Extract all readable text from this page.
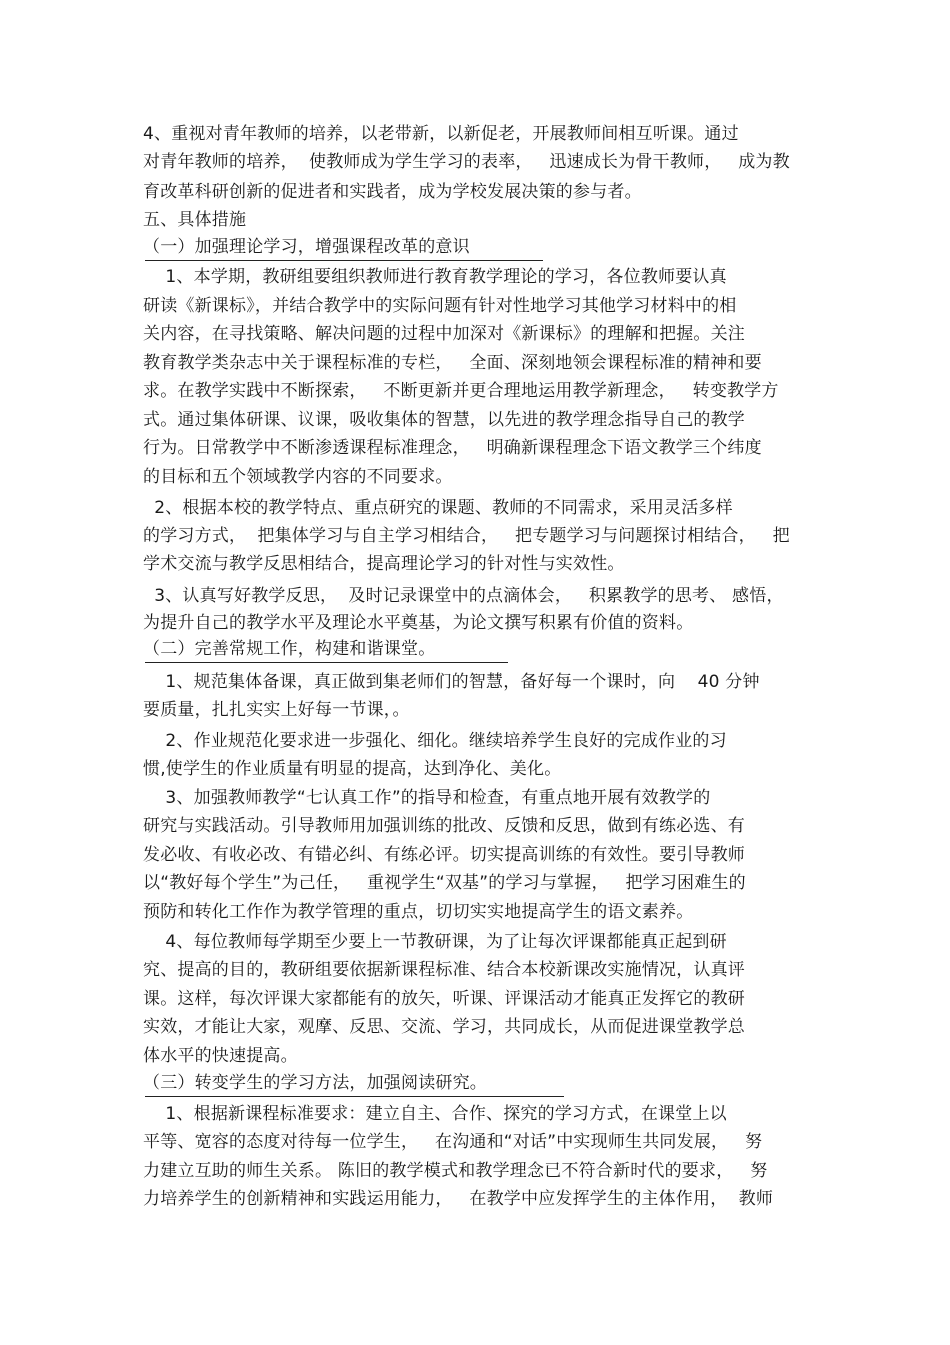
4、重视对青年教师的培养，以老带新，以新促老，开展教师间相互听课。通过
对青年教师的培养，  使教师成为学生学习的表率，   迅速成长为骨干教师，   成为教
育改革科研创新的促进者和实践者，成为学校发展决策的参与者。
五、具体措施
（一）加强理论学习，增强课程改革的意识
1、本学期，教研组要组织教师进行教育教学理论的学习，各位教师要认真
研读《新课标》，并结合教学中的实际问题有针对性地学习其他学习材料中的相
关内容，在寻找策略、解决问题的过程中加深对《新课标》的理解和把握。关注
教育教学类杂志中关于课程标准的专栏，   全面、深刻地领会课程标准的精神和要
求。在教学实践中不断探索，   不断更新并更合理地运用教学新理念，   转变教学方
式。通过集体研课、议课，吸收集体的智慧，以先进的教学理念指导自己的教学
行为。日常教学中不断渗透课程标准理念，   明确新课程理念下语文教学三个纬度
的目标和五个领域教学内容的不同要求。
2、根据本校的教学特点、重点研究的课题、教师的不同需求，采用灵活多样
的学习方式，  把集体学习与自主学习相结合，   把专题学习与问题探讨相结合，   把
学术交流与教学反思相结合，提高理论学习的针对性与实效性。
3、认真写好教学反思，  及时记录课堂中的点滴体会，   积累教学的思考、 感悟，
为提升自己的教学水平及理论水平奠基，为论文撰写积累有价值的资料。
（二）完善常规工作，构建和谐课堂。
1、规范集体备课，真正做到集老师们的智慧，备好每一个课时，向    40 分钟
要质量，扎扎实实上好每一节课，。
2、作业规范化要求进一步强化、细化。继续培养学生良好的完成作业的习
惯,使学生的作业质量有明显的提高，达到净化、美化。
3、加强教师教学“七认真工作”的指导和检查，有重点地开展有效教学的
研究与实践活动。引导教师用加强训练的批改、反馈和反思，做到有练必选、有
发必收、有收必改、有错必纠、有练必评。切实提高训练的有效性。要引导教师
以“教好每个学生”为己任，   重视学生“双基”的学习与掌握，   把学习困难生的
预防和转化工作作为教学管理的重点，切切实实地提高学生的语文素养。
4、每位教师每学期至少要上一节教研课，为了让每次评课都能真正起到研
究、提高的目的，教研组要依据新课程标准、结合本校新课改实施情况，认真评
课。这样，每次评课大家都能有的放矢，听课、评课活动才能真正发挥它的教研
实效，才能让大家，观摩、反思、交流、学习，共同成长，从而促进课堂教学总
体水平的快速提高。
（三）转变学生的学习方法，加强阅读研究。
1、根据新课程标准要求：建立自主、合作、探究的学习方式，在课堂上以
平等、宽容的态度对待每一位学生，   在沟通和“对话”中实现师生共同发展，   努
力建立互助的师生关系。 陈旧的教学模式和教学理念已不符合新时代的要求，   努
力培养学生的创新精神和实践运用能力，   在教学中应发挥学生的主体作用，  教师
